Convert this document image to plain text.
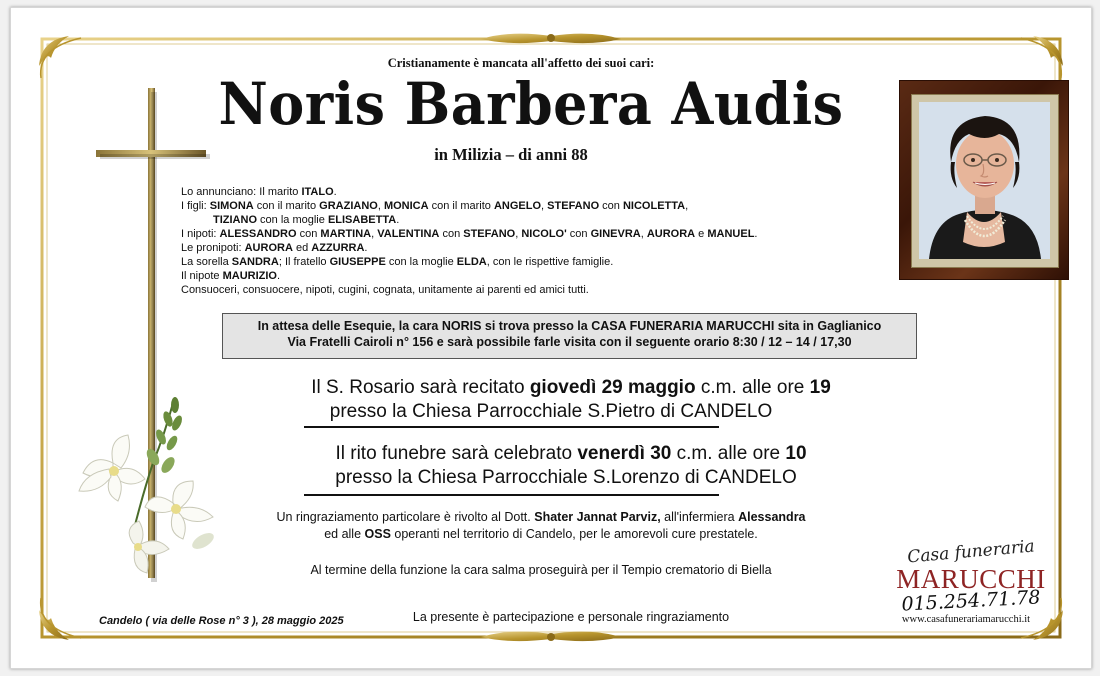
Cristianamente è mancata all'affetto dei suoi cari:
Noris Barbera Audis
in Milizia – di anni 88

Lo annunciano: Il marito ITALO.

I figli: SIMONA con il marito GRAZIANO, MONICA con il marito ANGELO, STEFANO con NICOLETTA,

TIZIANO con la moglie ELISABETTA.

I nipoti: ALESSANDRO con MARTINA, VALENTINA con STEFANO, NICOLO' con GINEVRA, AURORA e MANUEL.

Le pronipoti: AURORA ed AZZURRA.

La sorella SANDRA; Il fratello GIUSEPPE con la moglie ELDA, con le rispettive famiglie.

Il nipote MAURIZIO.

Consuoceri, consuocere, nipoti, cugini, cognata, unitamente ai parenti ed amici tutti.

In attesa delle Esequie, la cara NORIS si trova presso la CASA FUNERARIA MARUCCHI sita in Gaglianico
Via Fratelli Cairoli n° 156 e sarà possibile farle visita con il seguente orario 8:30 / 12 – 14 / 17,30
Il S. Rosario sarà recitato giovedì 29 maggio c.m. alle ore 19
presso la Chiesa Parrocchiale S.Pietro di CANDELO
Il rito funebre sarà celebrato venerdì 30 c.m. alle ore 10
presso la Chiesa Parrocchiale S.Lorenzo di CANDELO

Un ringraziamento particolare è rivolto al Dott. Shater Jannat Parviz, all'infermiera Alessandra

ed alle OSS operanti nel territorio di Candelo, per le amorevoli cure prestatele.

Al termine della funzione la cara salma proseguirà per il Tempio crematorio di Biella
Candelo ( via delle Rose n° 3 ), 28 maggio 2025	La presente è partecipazione e personale ringraziamento
Casa funeraria
MARUCCHI
015.254.71.78
www.casafunerariamarucchi.it
